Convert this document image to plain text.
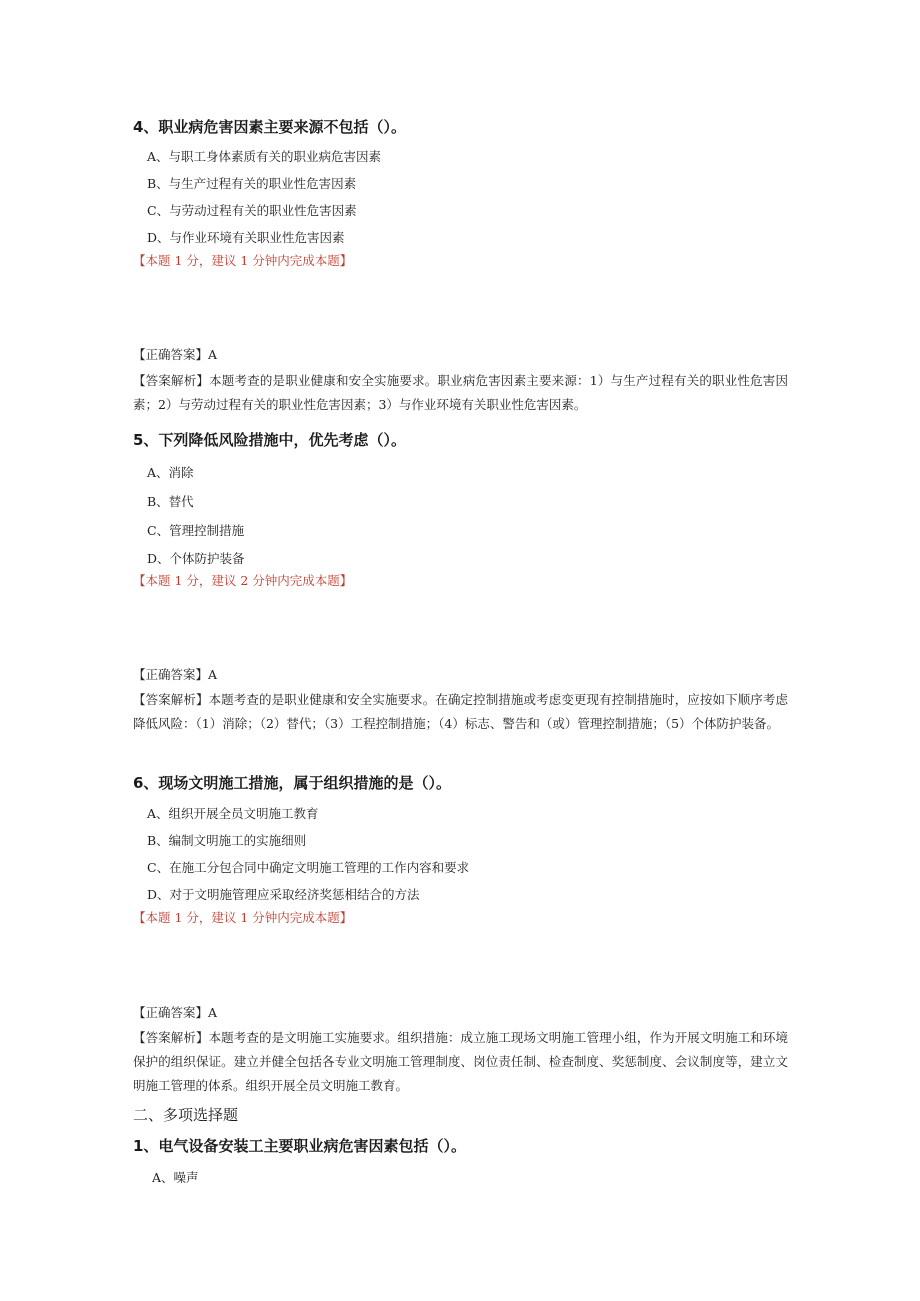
4、职业病危害因素主要来源不包括（）。
A、与职工身体素质有关的职业病危害因素
B、与生产过程有关的职业性危害因素
C、与劳动过程有关的职业性危害因素
D、与作业环境有关职业性危害因素
【本题 1 分，建议 1 分钟内完成本题】
【正确答案】A
【答案解析】本题考查的是职业健康和安全实施要求。职业病危害因素主要来源：1）与生产过程有关的职业性危害因素；2）与劳动过程有关的职业性危害因素；3）与作业环境有关职业性危害因素。
5、下列降低风险措施中，优先考虑（）。
A、消除
B、替代
C、管理控制措施
D、个体防护装备
【本题 1 分，建议 2 分钟内完成本题】
【正确答案】A
【答案解析】本题考查的是职业健康和安全实施要求。在确定控制措施或考虑变更现有控制措施时，应按如下顺序考虑降低风险：（1）消除；（2）替代；（3）工程控制措施；（4）标志、警告和（或）管理控制措施；（5）个体防护装备。
6、现场文明施工措施，属于组织措施的是（）。
A、组织开展全员文明施工教育
B、编制文明施工的实施细则
C、在施工分包合同中确定文明施工管理的工作内容和要求
D、对于文明施管理应采取经济奖惩相结合的方法
【本题 1 分，建议 1 分钟内完成本题】
【正确答案】A
【答案解析】本题考查的是文明施工实施要求。组织措施：成立施工现场文明施工管理小组，作为开展文明施工和环境保护的组织保证。建立并健全包括各专业文明施工管理制度、岗位责任制、检查制度、奖惩制度、会议制度等，建立文明施工管理的体系。组织开展全员文明施工教育。
二、多项选择题
1、电气设备安装工主要职业病危害因素包括（）。
A、噪声
